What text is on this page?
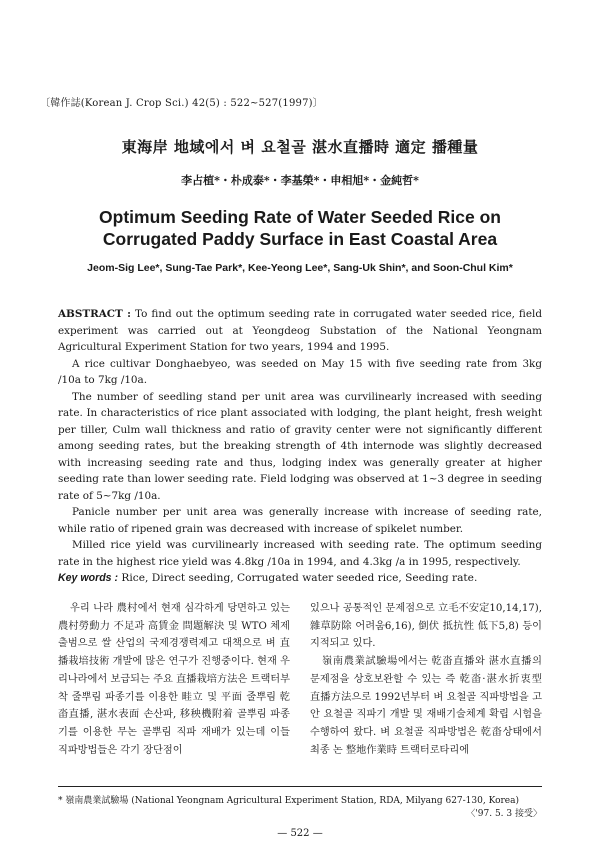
〔韓作誌(Korean J. Crop Sci.) 42(5) : 522~527(1997)〕
東海岸 地域에서 벼 요철골 湛水直播時 適定 播種量
李占植*・朴成泰*・李基榮*・申相旭*・金純哲*
Optimum Seeding Rate of Water Seeded Rice on
Corrugated Paddy Surface in East Coastal Area
Jeom-Sig Lee*, Sung-Tae Park*, Kee-Yeong Lee*, Sang-Uk Shin*, and Soon-Chul Kim*

ABSTRACT : To find out the optimum seeding rate in corrugated water seeded rice, field experiment was carried out at Yeongdeog Substation of the National Yeongnam Agricultural Experiment Station for two years, 1994 and 1995.

A rice cultivar Donghaebyeo, was seeded on May 15 with five seeding rate from 3kg /10a to 7kg /10a.

The number of seedling stand per unit area was curvilinearly increased with seeding rate. In characteristics of rice plant associated with lodging, the plant height, fresh weight per tiller, Culm wall thickness and ratio of gravity center were not significantly different among seeding rates, but the breaking strength of 4th internode was slightly decreased with increasing seeding rate and thus, lodging index was generally greater at higher seeding rate than lower seeding rate. Field lodging was observed at 1~3 degree in seeding rate of 5~7kg /10a.

Panicle number per unit area was generally increase with increase of seeding rate, while ratio of ripened grain was decreased with increase of spikelet number.

Milled rice yield was curvilinearly increased with seeding rate. The optimum seeding rate in the highest rice yield was 4.8kg /10a in 1994, and 4.3kg /a in 1995, respectively.

Key words : Rice, Direct seeding, Corrugated water seeded rice, Seeding rate.

우리 나라 農村에서 현재 심각하게 당면하고 있는 農村勞動力 不足과 高賃金 問題解決 및 WTO 체제 출범으로 쌀 산업의 국제경쟁력제고 대책으로 벼 直播栽培技術 개발에 많은 연구가 진행중이다. 현재 우리나라에서 보급되는 주요 直播栽培方法은 트랙터부착 줄뿌림 파종기를 이용한 畦立 및 平面 줄뿌림 乾畓直播, 湛水表面 손산파, 移秧機附着 골뿌림 파종기를 이용한 무논 골뿌림 직파 재배가 있는데 이들 직파방법들은 각기 장단점이

있으나 공통적인 문제점으로 立毛不安定10,14,17), 雜草防除 어려움6,16), 倒伏 抵抗性 低下5,8) 등이 지적되고 있다.

嶺南農業試驗場에서는 乾畓直播와 湛水直播의 문제점을 상호보완할 수 있는 즉 乾畓·湛水折衷型 直播方法으로 1992년부터 벼 요철골 직파방법을 고안 요철골 직파기 개발 및 재배기술체계 확립 시험을 수행하여 왔다. 벼 요철골 직파방법은 乾畓상태에서 최종 논 整地作業時 트랙터로타리에

* 嶺南農業試驗場 (National Yeongnam Agricultural Experiment Station, RDA, Milyang 627-130, Korea)
〈'97. 5. 3 接受〉
— 522 —
